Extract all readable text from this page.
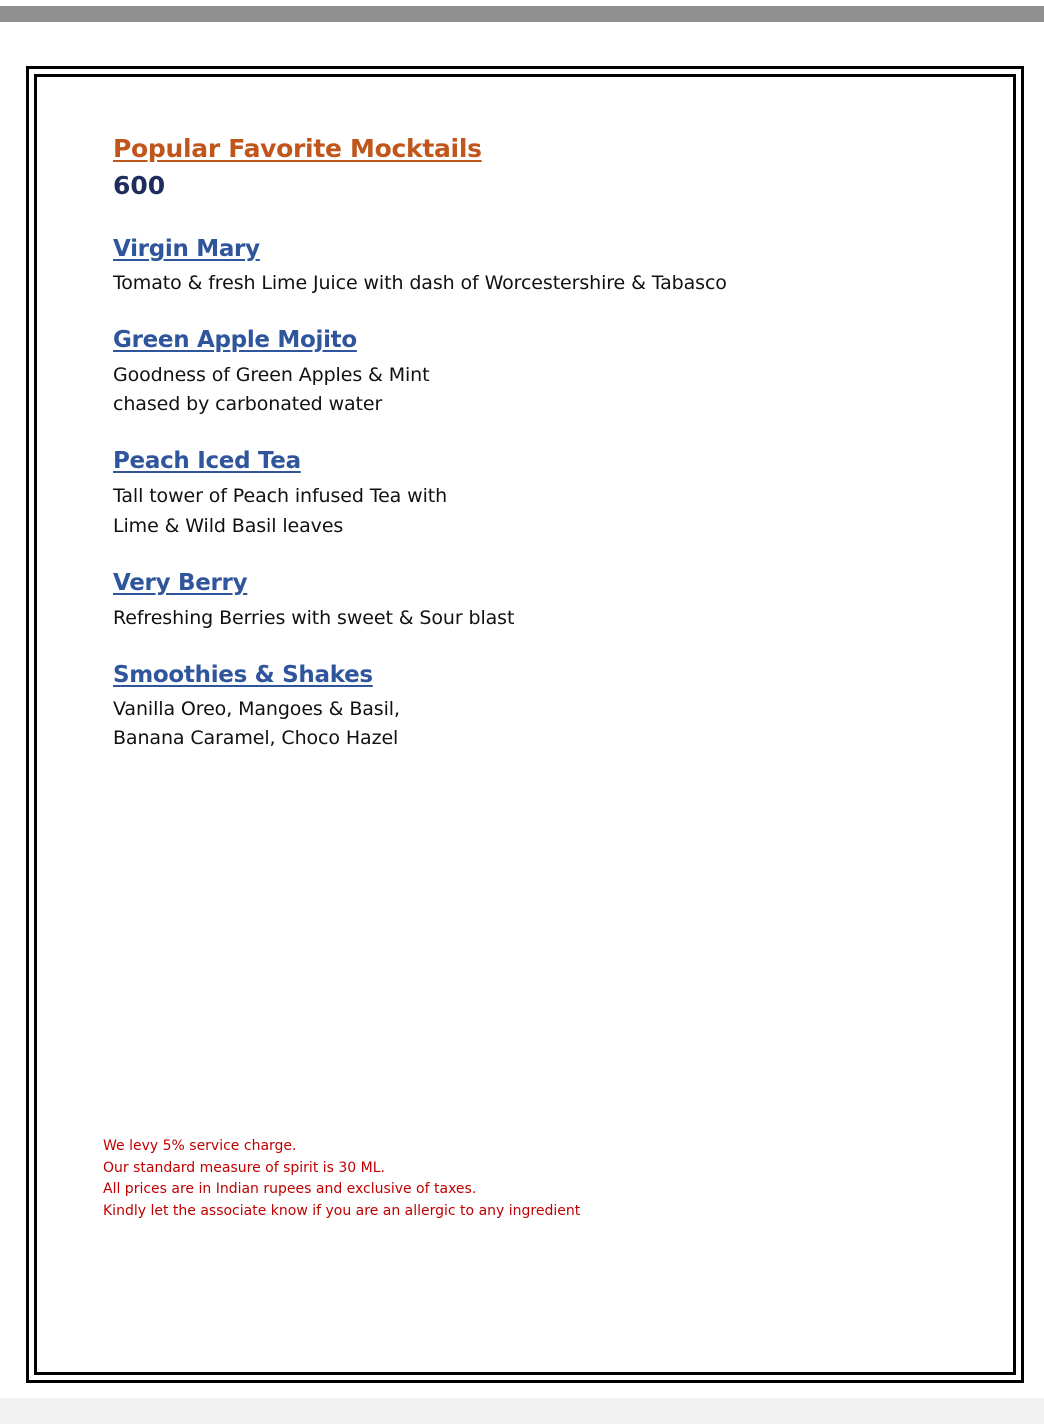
Popular Favorite Mocktails
600
Virgin Mary

Tomato & fresh Lime Juice with dash of Worcestershire & Tabasco

Green Apple Mojito

Goodness of Green Apples & Mint

chased by carbonated water

Peach Iced Tea

Tall tower of Peach infused Tea with

Lime & Wild Basil leaves

Very Berry

Refreshing Berries with sweet & Sour blast

Smoothies & Shakes

Vanilla Oreo, Mangoes & Basil,

Banana Caramel, Choco Hazel

We levy 5% service charge.
Our standard measure of spirit is 30 ML.
All prices are in Indian rupees and exclusive of taxes.
Kindly let the associate know if you are an allergic to any ingredient
